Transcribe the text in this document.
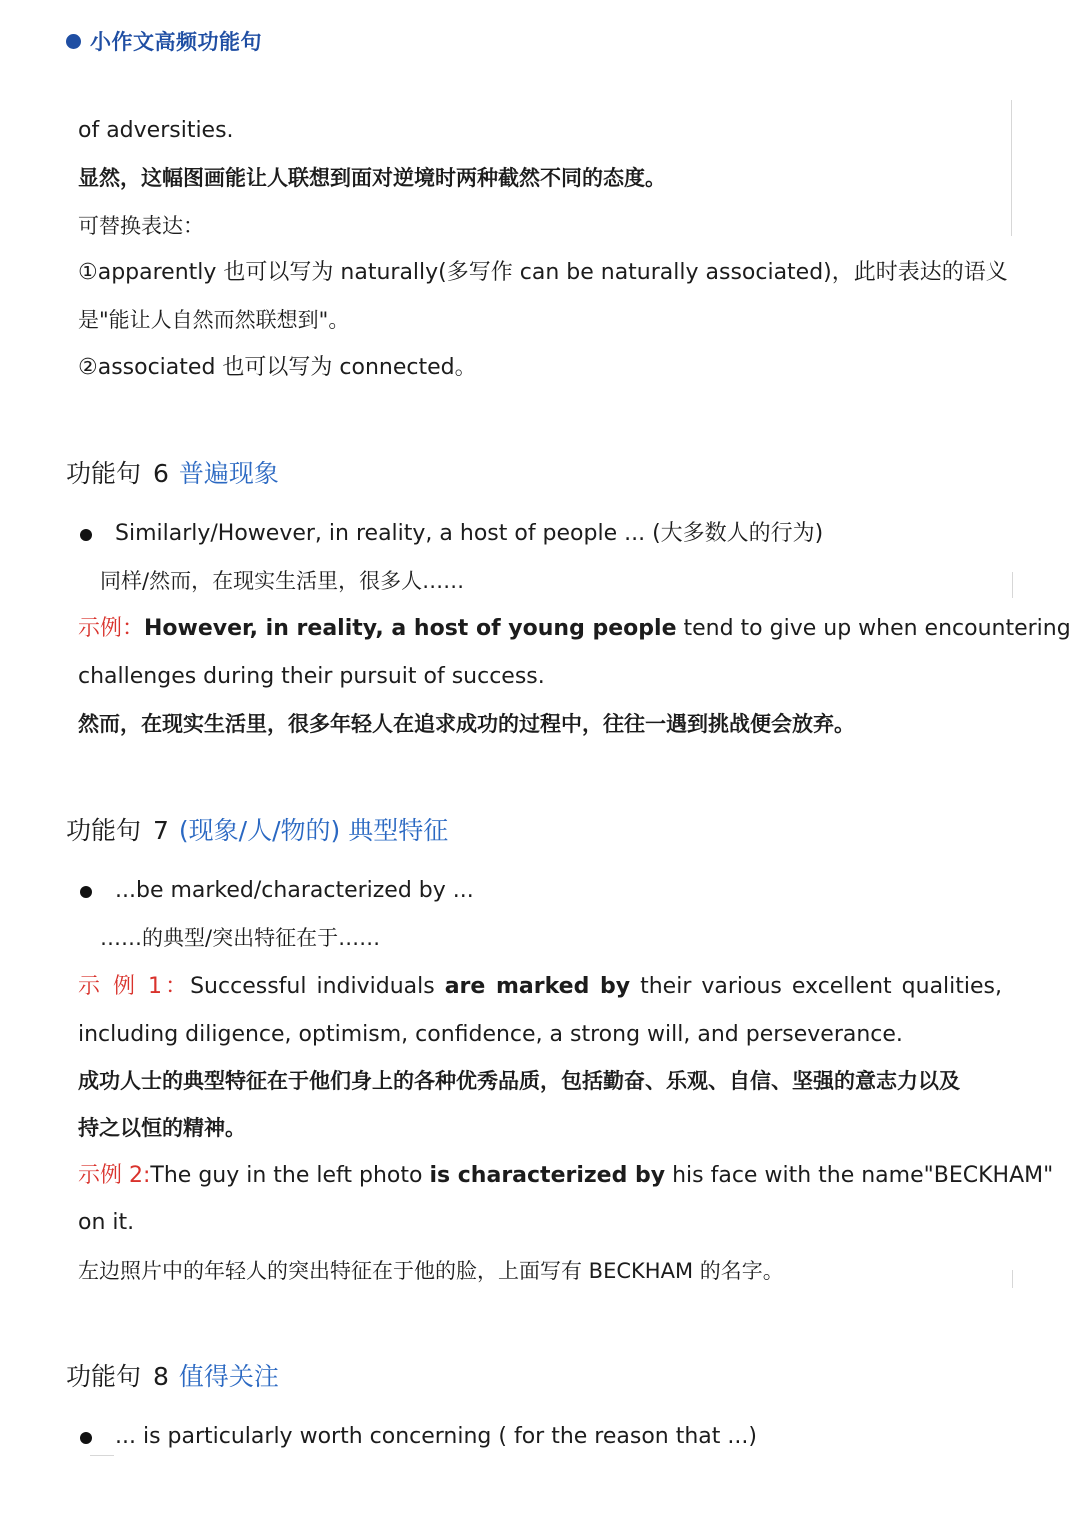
小作文高频功能句
of adversities.
显然，这幅图画能让人联想到面对逆境时两种截然不同的态度。
可替换表达：
①apparently 也可以写为 naturally(多写作 can be naturally associated)，此时表达的语义
是"能让人自然而然联想到"。
②associated 也可以写为 connected。
功能句 6 普遍现象
Similarly/However, in reality, a host of people ... (大多数人的行为)
同样/然而，在现实生活里，很多人……
示例：However, in reality, a host of young people tend to give up when encountering
challenges during their pursuit of success.
然而，在现实生活里，很多年轻人在追求成功的过程中，往往一遇到挑战便会放弃。
功能句 7 (现象/人/物的) 典型特征
...be marked/characterized by ...
……的典型/突出特征在于……
示 例 1：Successful individuals are marked by their various excellent qualities,
including diligence, optimism, confidence, a strong will, and perseverance.
成功人士的典型特征在于他们身上的各种优秀品质，包括勤奋、乐观、自信、坚强的意志力以及
持之以恒的精神。
示例 2:The guy in the left photo is characterized by his face with the name"BECKHAM"
on it.
左边照片中的年轻人的突出特征在于他的脸，上面写有 BECKHAM 的名字。
功能句 8 值得关注
... is particularly worth concerning ( for the reason that ...)
